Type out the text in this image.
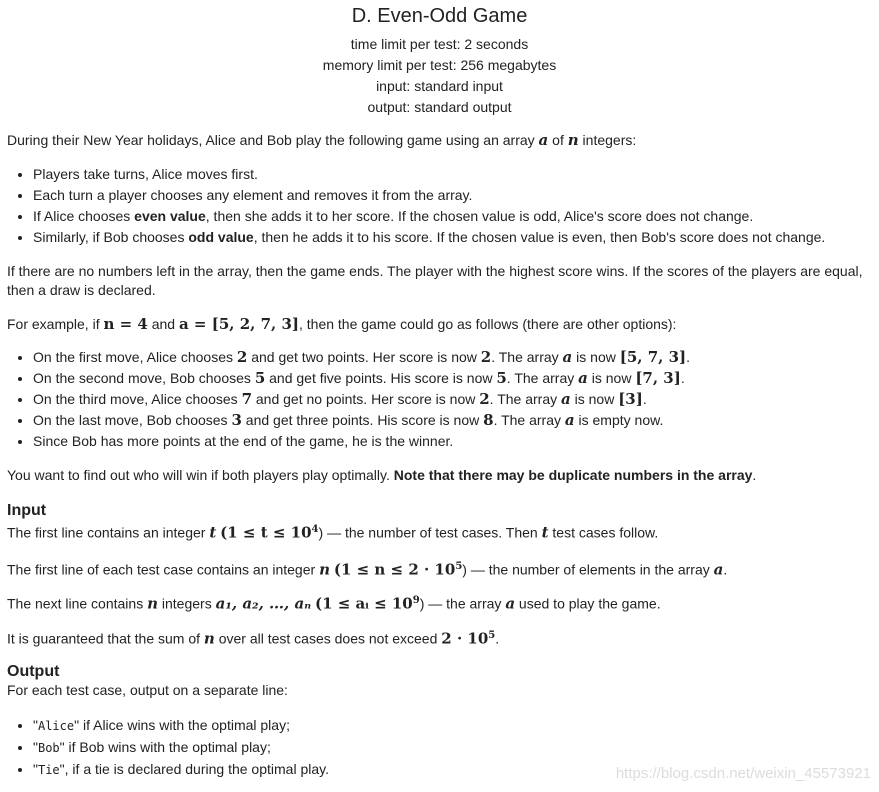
D. Even-Odd Game
time limit per test: 2 seconds
memory limit per test: 256 megabytes
input: standard input
output: standard output

During their New Year holidays, Alice and Bob play the following game using an array a of n integers:

• Players take turns, Alice moves first.
• Each turn a player chooses any element and removes it from the array.
• If Alice chooses even value, then she adds it to her score. If the chosen value is odd, Alice's score does not change.
• Similarly, if Bob chooses odd value, then he adds it to his score. If the chosen value is even, then Bob's score does not change.

If there are no numbers left in the array, then the game ends. The player with the highest score wins. If the scores of the players are equal, then a draw is declared.

For example, if n = 4 and a = [5, 2, 7, 3], then the game could go as follows (there are other options):

• On the first move, Alice chooses 2 and get two points. Her score is now 2. The array a is now [5, 7, 3].
• On the second move, Bob chooses 5 and get five points. His score is now 5. The array a is now [7, 3].
• On the third move, Alice chooses 7 and get no points. Her score is now 2. The array a is now [3].
• On the last move, Bob chooses 3 and get three points. His score is now 8. The array a is empty now.
• Since Bob has more points at the end of the game, he is the winner.

You want to find out who will win if both players play optimally. Note that there may be duplicate numbers in the array.

Input

The first line contains an integer t $(1 \le t \le 10^4)$ — the number of test cases. Then t test cases follow.

The first line of each test case contains an integer n $(1 \le n \le 2 \cdot 10^5)$ — the number of elements in the array a.

The next line contains n integers a₁, a₂, …, aₙ (1 ≤ aᵢ ≤ $10^9$) — the array a used to play the game.

It is guaranteed that the sum of n over all test cases does not exceed $2 \cdot 10^5$.

Output

For each test case, output on a separate line:

• "Alice" if Alice wins with the optimal play;
• "Bob" if Bob wins with the optimal play;
• "Tie", if a tie is declared during the optimal play.	https://blog.csdn.net/weixin_45573921
